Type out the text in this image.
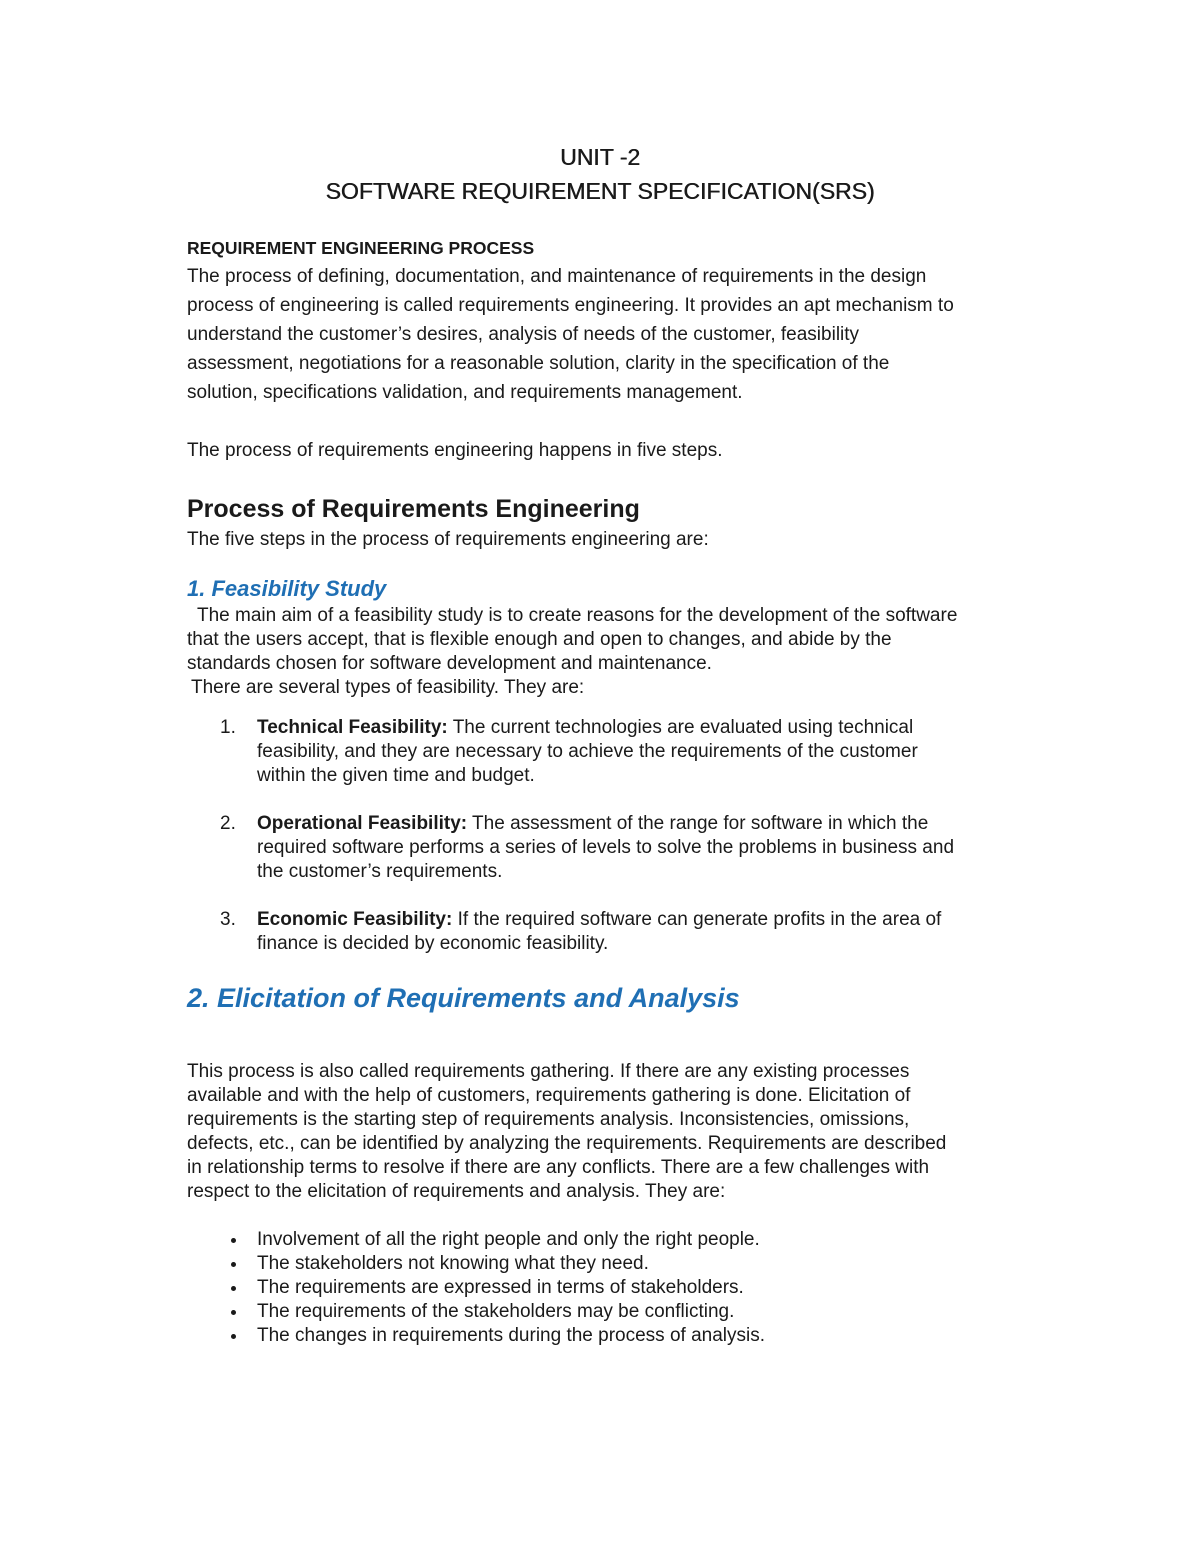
UNIT -2
SOFTWARE REQUIREMENT SPECIFICATION(SRS)
REQUIREMENT ENGINEERING PROCESS

The process of defining, documentation, and maintenance of requirements in the design

process of engineering is called requirements engineering. It provides an apt mechanism to

understand the customer’s desires, analysis of needs of the customer, feasibility

assessment, negotiations for a reasonable solution, clarity in the specification of the

solution, specifications validation, and requirements management.

The process of requirements engineering happens in five steps.

Process of Requirements Engineering

The five steps in the process of requirements engineering are:

1. Feasibility Study

The main aim of a feasibility study is to create reasons for the development of the software

that the users accept, that is flexible enough and open to changes, and abide by the

standards chosen for software development and maintenance.

There are several types of feasibility. They are:

1. Technical Feasibility: The current technologies are evaluated using technical
feasibility, and they are necessary to achieve the requirements of the customer
within the given time and budget.
2. Operational Feasibility: The assessment of the range for software in which the
required software performs a series of levels to solve the problems in business and
the customer’s requirements.
3. Economic Feasibility: If the required software can generate profits in the area of
finance is decided by economic feasibility.
2. Elicitation of Requirements and Analysis

This process is also called requirements gathering. If there are any existing processes

available and with the help of customers, requirements gathering is done. Elicitation of

requirements is the starting step of requirements analysis. Inconsistencies, omissions,

defects, etc., can be identified by analyzing the requirements. Requirements are described

in relationship terms to resolve if there are any conflicts. There are a few challenges with

respect to the elicitation of requirements and analysis. They are:

Involvement of all the right people and only the right people.
The stakeholders not knowing what they need.
The requirements are expressed in terms of stakeholders.
The requirements of the stakeholders may be conflicting.
The changes in requirements during the process of analysis.
